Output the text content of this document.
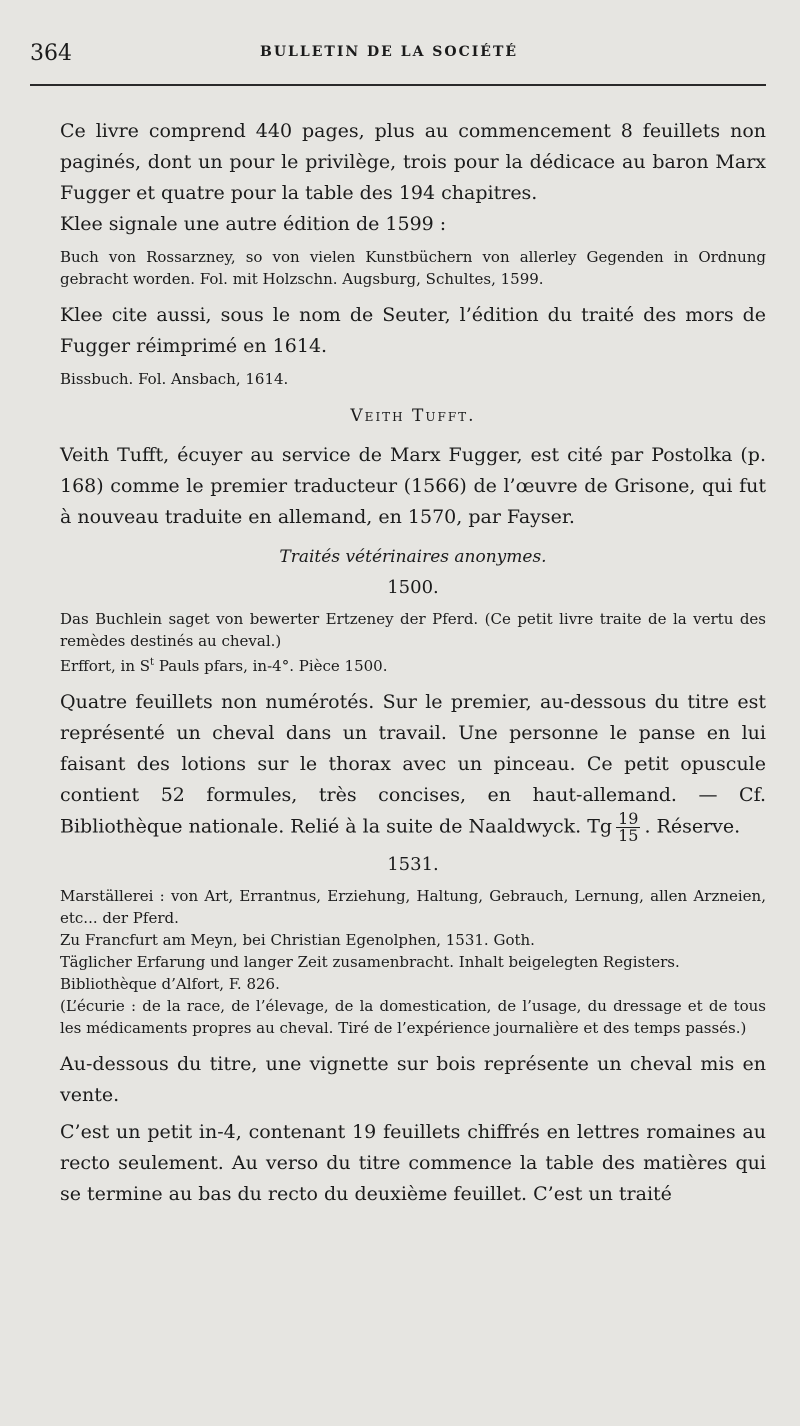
364	BULLETIN DE LA SOCIÉTÉ

Ce livre comprend 440 pages, plus au commencement 8 feuillets non paginés, dont un pour le privilège, trois pour la dédicace au baron Marx Fugger et quatre pour la table des 194 chapitres.

Klee signale une autre édition de 1599 :

Buch von Rossarzney, so von vielen Kunstbüchern von allerley Gegenden in Ordnung gebracht worden. Fol. mit Holzschn. Augsburg, Schultes, 1599.

Klee cite aussi, sous le nom de Seuter, l’édition du traité des mors de Fugger réimprimé en 1614.

Bissbuch. Fol. Ansbach, 1614.

Veith Tufft.

Veith Tufft, écuyer au service de Marx Fugger, est cité par Postolka (p. 168) comme le premier traducteur (1566) de l’œuvre de Grisone, qui fut à nouveau traduite en allemand, en 1570, par Fayser.

Traités vétérinaires anonymes.
1500.

Das Buchlein saget von bewerter Ertzeney der Pferd. (Ce petit livre traite de la vertu des remèdes destinés au cheval.)

Erffort, in $S^t$ Pauls pfars, in-4°. Pièce 1500.

Quatre feuillets non numérotés. Sur le premier, au-dessous du titre est représenté un cheval dans un travail. Une personne le panse en lui faisant des lotions sur le thorax avec un pinceau. Ce petit opuscule contient 52 formules, très concises, en haut-allemand. — Cf. Bibliothèque nationale. Relié à la suite de Naaldwyck. Tg $\frac{19}{15}$ . Réserve.

1531.

Marställerei : von Art, Errantnus, Erziehung, Haltung, Gebrauch, Lernung, allen Arzneien, etc... der Pferd.

Zu Francfurt am Meyn, bei Christian Egenolphen, 1531. Goth.

Täglicher Erfarung und langer Zeit zusamenbracht. Inhalt beigelegten Registers.

Bibliothèque d’Alfort, F. 826.

(L’écurie : de la race, de l’élevage, de la domestication, de l’usage, du dressage et de tous les médicaments propres au cheval. Tiré de l’expérience journalière et des temps passés.)

Au-dessous du titre, une vignette sur bois représente un cheval mis en vente.

C’est un petit in-4, contenant 19 feuillets chiffrés en lettres romaines au recto seulement. Au verso du titre commence la table des matières qui se termine au bas du recto du deuxième feuillet. C’est un traité
